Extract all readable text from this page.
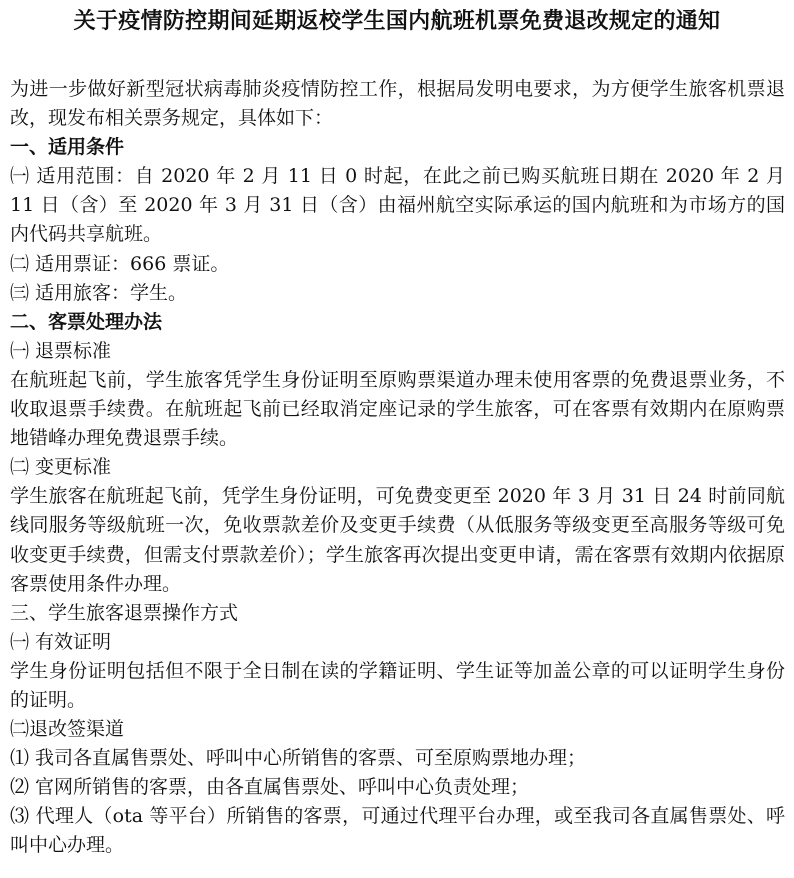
关于疫情防控期间延期返校学生国内航班机票免费退改规定的通知

为进一步做好新型冠状病毒肺炎疫情防控工作，根据局发明电要求，为方便学生旅客机票退改，现发布相关票务规定，具体如下：

一、适用条件

㈠ 适用范围：自 2020 年 2 月 11 日 0 时起，在此之前已购买航班日期在 2020 年 2 月 11 日（含）至 2020 年 3 月 31 日（含）由福州航空实际承运的国内航班和为市场方的国内代码共享航班。

㈡ 适用票证：666 票证。

㈢ 适用旅客：学生。

二、客票处理办法

㈠ 退票标准

在航班起飞前，学生旅客凭学生身份证明至原购票渠道办理未使用客票的免费退票业务，不收取退票手续费。在航班起飞前已经取消定座记录的学生旅客，可在客票有效期内在原购票地错峰办理免费退票手续。

㈡ 变更标准

学生旅客在航班起飞前，凭学生身份证明，可免费变更至 2020 年 3 月 31 日 24 时前同航线同服务等级航班一次，免收票款差价及变更手续费（从低服务等级变更至高服务等级可免收变更手续费，但需支付票款差价）；学生旅客再次提出变更申请，需在客票有效期内依据原客票使用条件办理。

三、学生旅客退票操作方式

㈠ 有效证明

学生身份证明包括但不限于全日制在读的学籍证明、学生证等加盖公章的可以证明学生身份的证明。

㈡退改签渠道

⑴ 我司各直属售票处、呼叫中心所销售的客票、可至原购票地办理；

⑵ 官网所销售的客票，由各直属售票处、呼叫中心负责处理；

⑶ 代理人（ota 等平台）所销售的客票，可通过代理平台办理，或至我司各直属售票处、呼叫中心办理。
